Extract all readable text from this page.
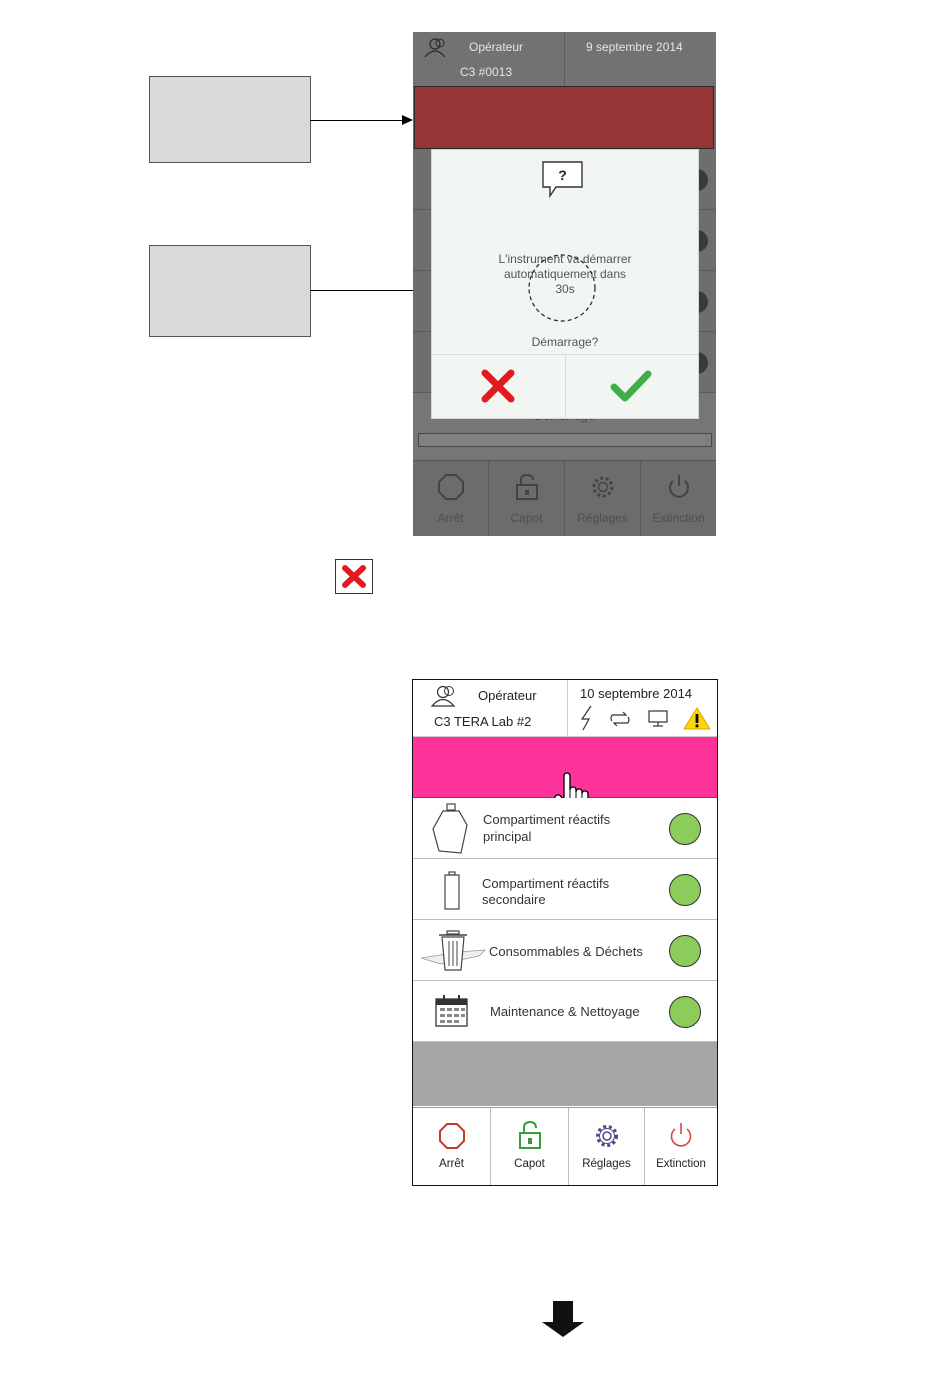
Opérateur
C3 #0013
9 septembre 2014
Arrêt	Capot	Réglages	Extinction
?
L'instrument va démarrer
automatiquement dans
30s
Démarrage?
Opérateur
C3 TERA Lab #2
10 septembre 2014
Compartiment réactifs
principal
Compartiment réactifs
secondaire
Consommables & Déchets
Maintenance & Nettoyage
Arrêt	Capot	Réglages	Extinction
